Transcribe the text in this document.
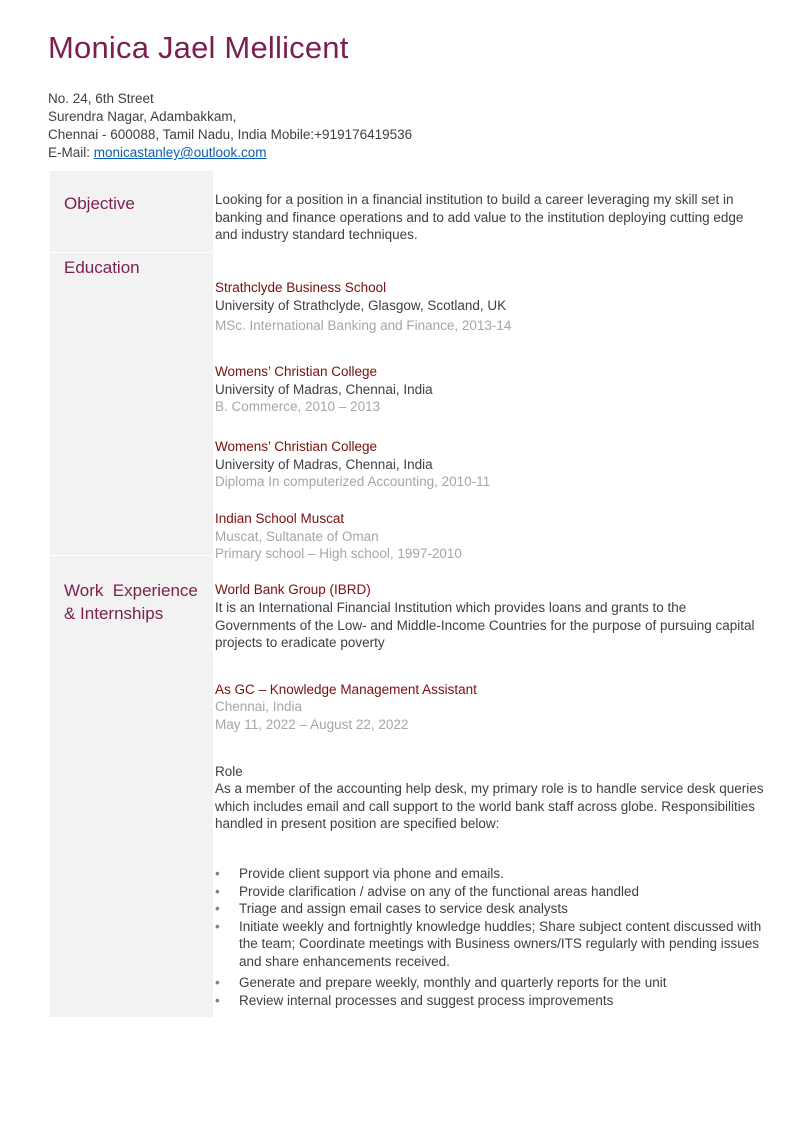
Monica Jael Mellicent
No. 24, 6th Street
Surendra Nagar, Adambakkam,
Chennai - 600088, Tamil Nadu, India Mobile:+919176419536
E-Mail: monicastanley@outlook.com
Objective	Looking for a position in a financial institution to build a career leveraging my skill set in banking and finance operations and to add value to the institution deploying cutting edge and industry standard techniques.
Education
Strathclyde Business School
University of Strathclyde, Glasgow, Scotland, UK
MSc. International Banking and Finance, 2013-14
Womens’ Christian College
University of Madras, Chennai, India
B. Commerce, 2010 – 2013
Womens’ Christian College
University of Madras, Chennai, India
Diploma In computerized Accounting, 2010-11
Indian School Muscat
Muscat, Sultanate of Oman
Primary school – High school, 1997-2010
Work  Experience
& Internships
World Bank Group (IBRD)
It is an International Financial Institution which provides loans and grants to the Governments of the Low- and Middle-Income Countries for the purpose of pursuing capital projects to eradicate poverty
As GC – Knowledge Management Assistant
Chennai, India
May 11, 2022 – August 22, 2022
Role
As a member of the accounting help desk, my primary role is to handle service desk queries which includes email and call support to the world bank staff across globe. Responsibilities handled in present position are specified below:
• Provide client support via phone and emails.
• Provide clarification / advise on any of the functional areas handled
• Triage and assign email cases to service desk analysts
• Initiate weekly and fortnightly knowledge huddles; Share subject content discussed with the team; Coordinate meetings with Business owners/ITS regularly with pending issues and share enhancements received.
• Generate and prepare weekly, monthly and quarterly reports for the unit
• Review internal processes and suggest process improvements
